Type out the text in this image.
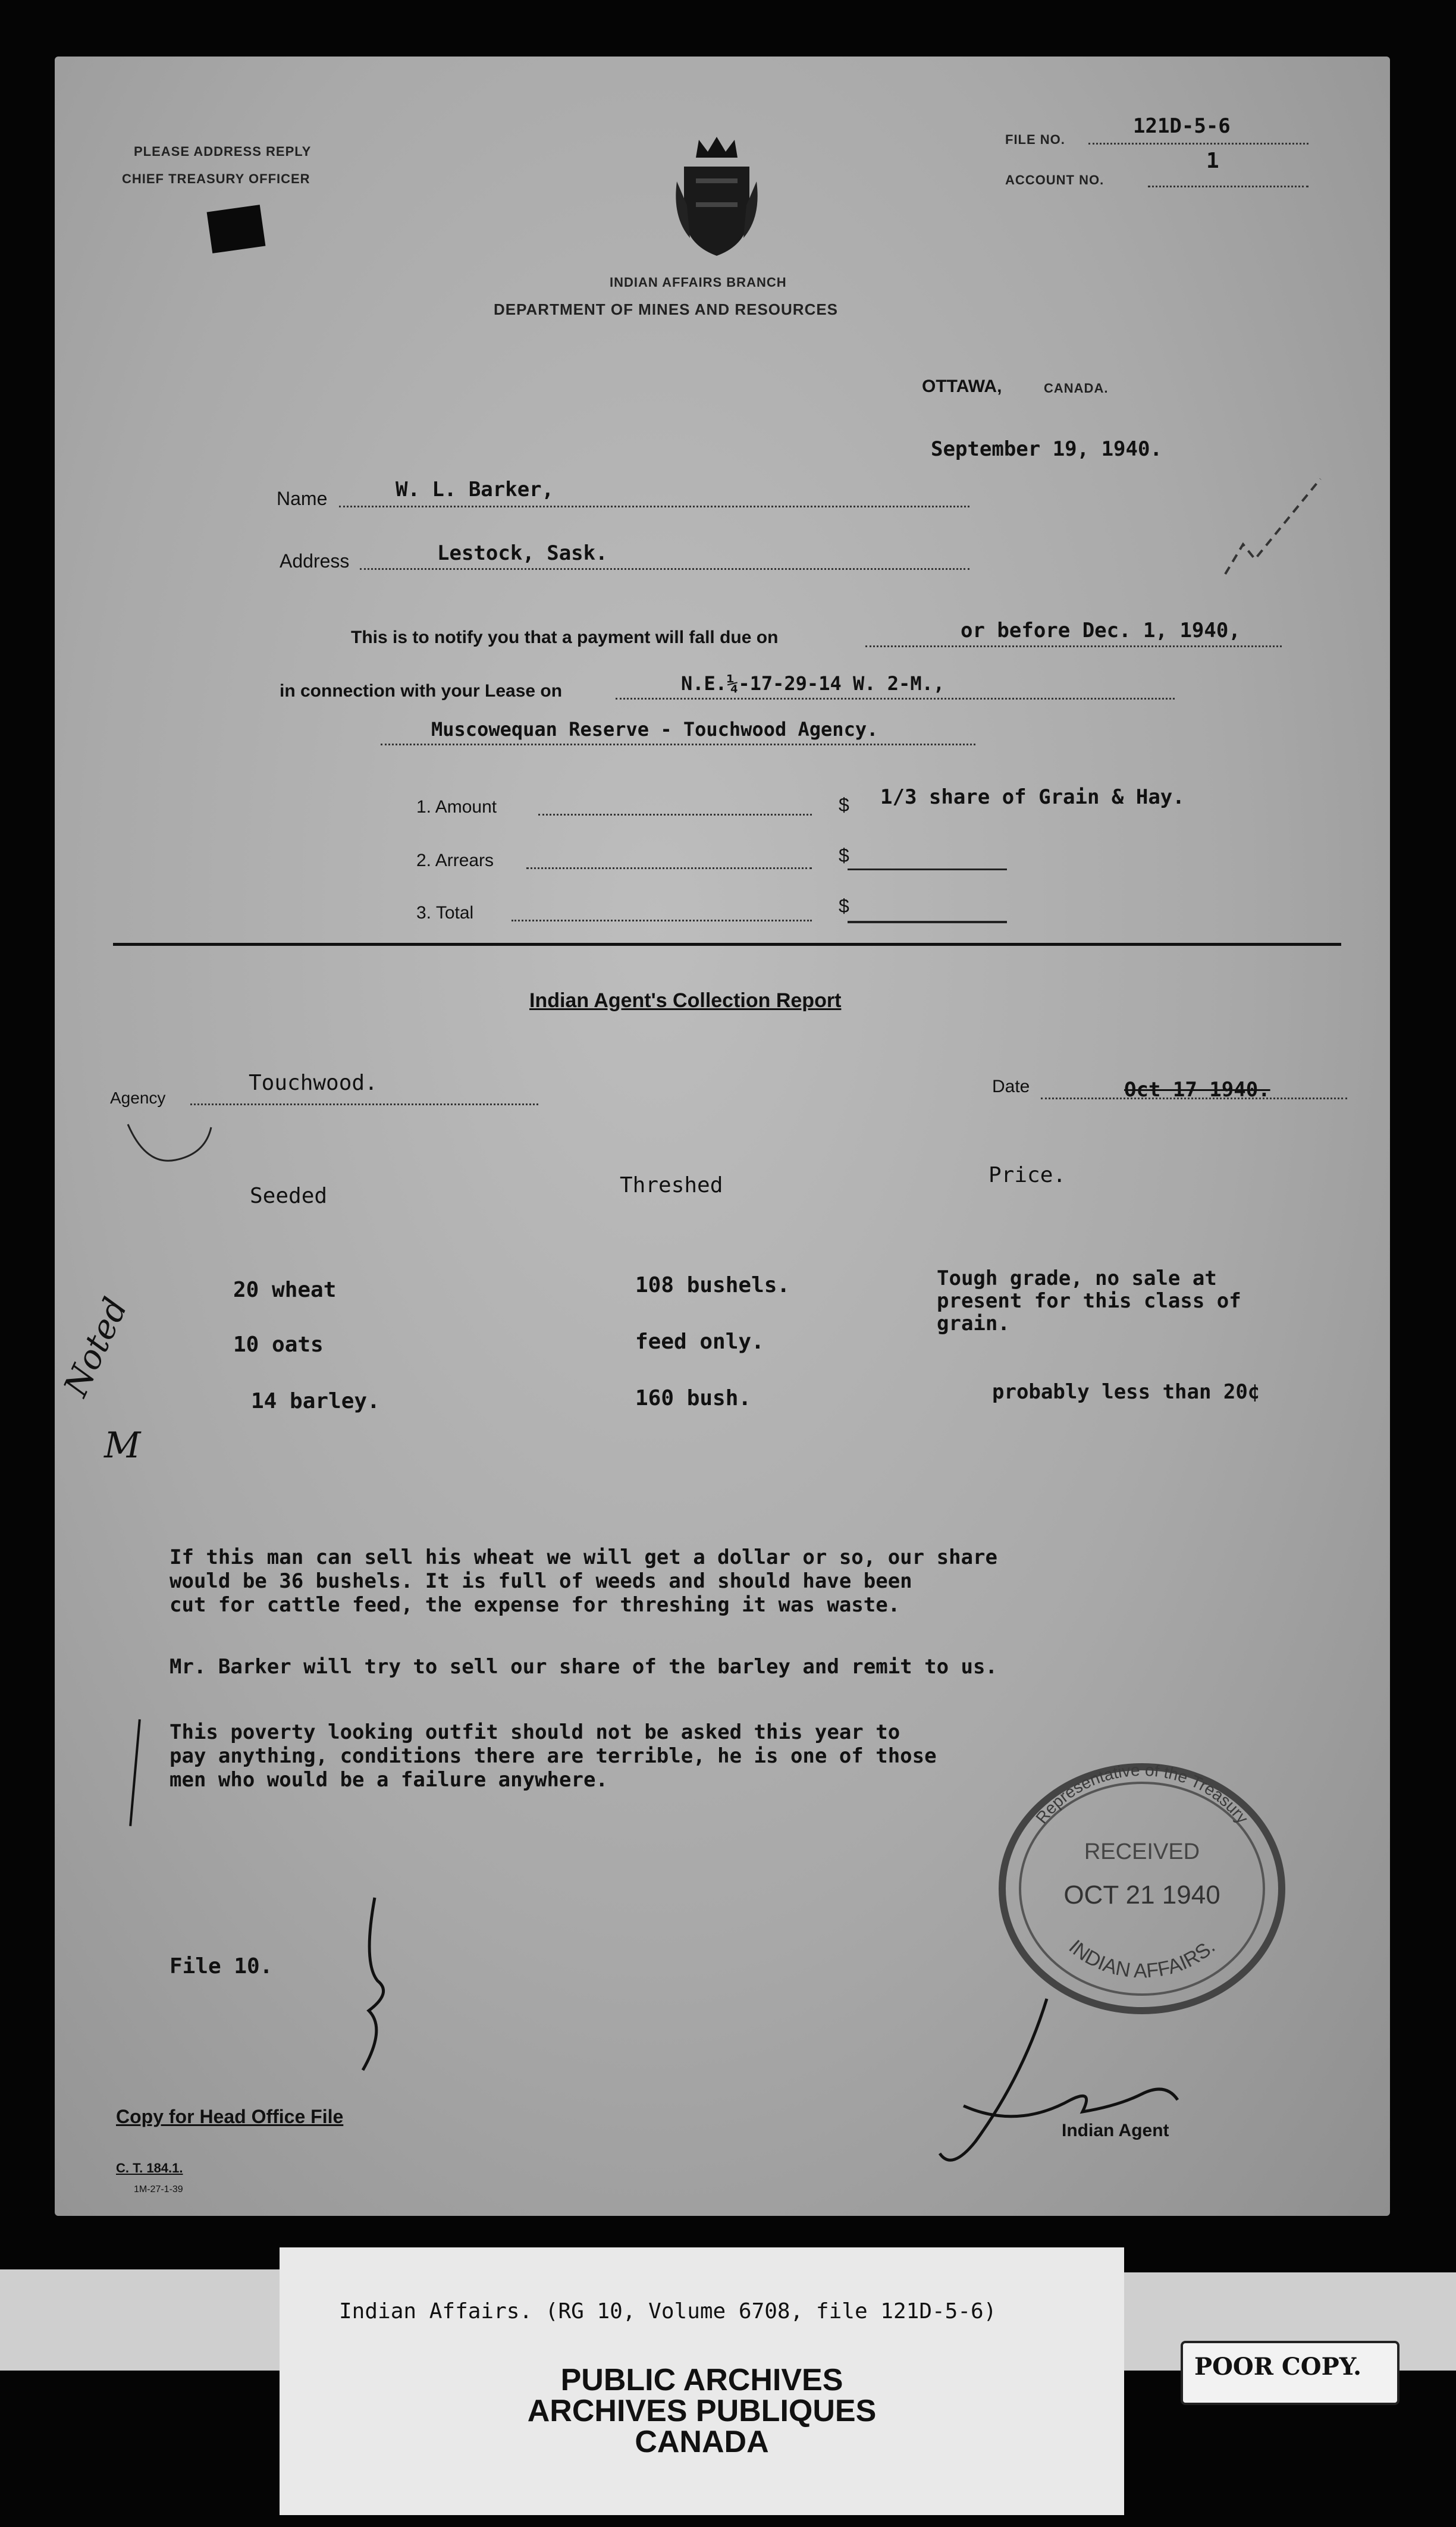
PLEASE ADDRESS REPLY
CHIEF TREASURY OFFICER
INDIAN AFFAIRS BRANCH
DEPARTMENT OF MINES AND RESOURCES
FILE NO.
121D-5-6
ACCOUNT NO.
1
OTTAWA,	CANADA.
September 19, 1940.
Name	W. L. Barker,
Address	Lestock, Sask.
This is to notify you that a payment will fall due on	or before Dec. 1, 1940,
in connection with your Lease on	N.E.¼-17-29-14 W. 2-M.,
Muscowequan Reserve - Touchwood Agency.
1. Amount	$ 1/3 share of Grain & Hay.
2. Arrears	$
3. Total	$
Indian Agent's Collection Report
Agency
Touchwood.	Date	Oct 17 1940.
Seeded	Threshed	Price.
20 wheat	108 bushels.	Tough grade, no sale at
present for this class of
grain.
10 oats	feed only.
14 barley.	160 bush.	probably less than 20¢
Noted
M
If this man can sell his wheat we will get a dollar or so, our share
would be 36 bushels. It is full of weeds and should have been
cut for cattle feed, the expense for threshing it was waste.
Mr. Barker will try to sell our share of the barley and remit to us.
This poverty looking outfit should not be asked this year to
pay anything, conditions there are terrible, he is one of those
men who would be a failure anywhere.
File 10.
Representative of the Treasury
RECEIVED
OCT 21 1940
INDIAN AFFAIRS.
Indian Agent
Copy for Head Office File
C. T. 184.1.
1M-27-1-39
Indian Affairs. (RG 10, Volume 6708, file 121D-5-6)
PUBLIC ARCHIVES
ARCHIVES PUBLIQUES
CANADA
POOR COPY.
